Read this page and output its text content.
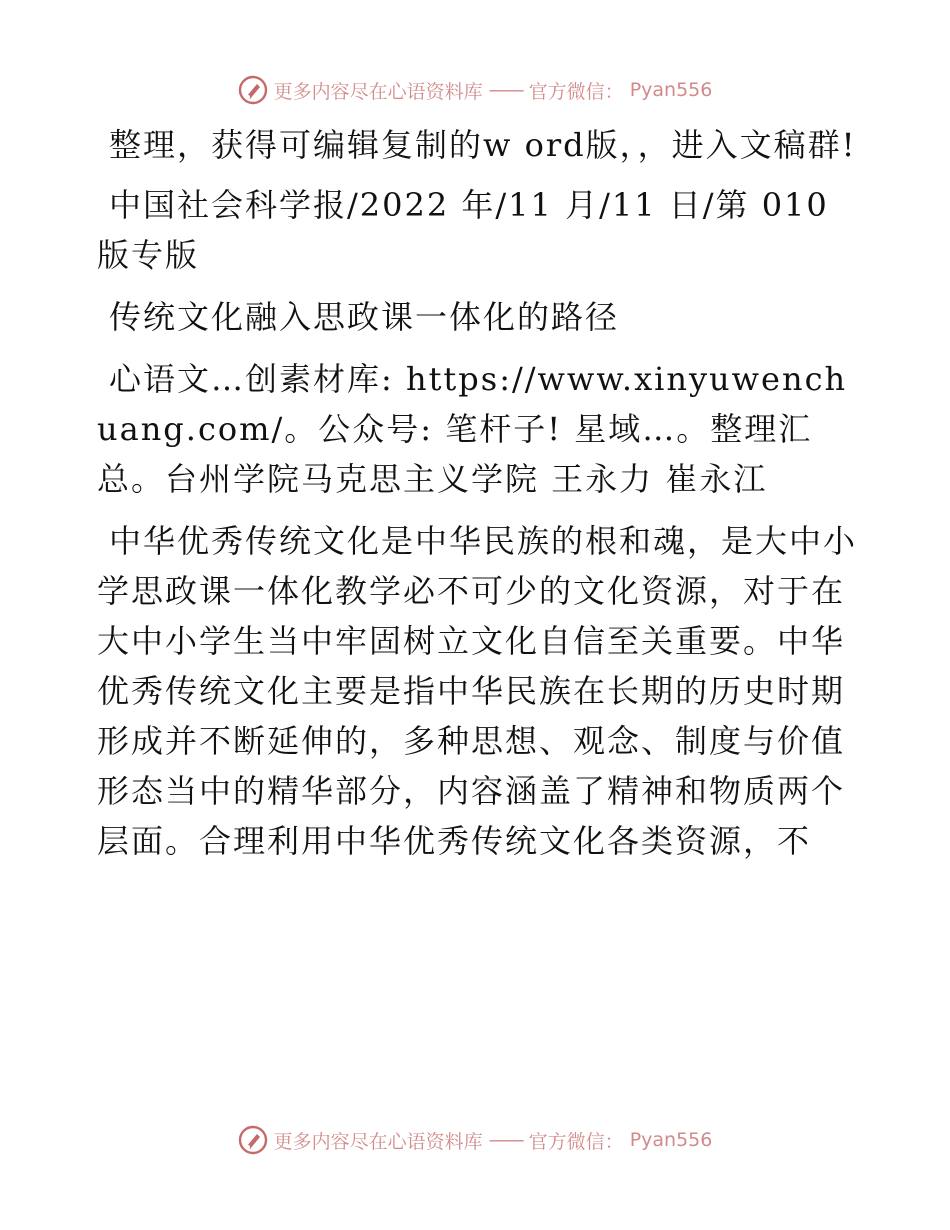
更多内容尽在心语资料库 —— 官方微信： Pyan556

整理，获得可编辑复制的w ord版，，进入文稿群!

中国社会科学报/2022 年/11 月/11 日/第 010 版专版

传统文化融入思政课一体化的路径

心语文…创素材库: https://www.xinyuwenchuang.com/。公众号: 笔杆子! 星域…。整理汇总。台州学院马克思主义学院 王永力 崔永江

中华优秀传统文化是中华民族的根和魂，是大中小学思政课一体化教学必不可少的文化资源，对于在大中小学生当中牢固树立文化自信至关重要。中华优秀传统文化主要是指中华民族在长期的历史时期形成并不断延伸的，多种思想、观念、制度与价值形态当中的精华部分，内容涵盖了精神和物质两个层面。合理利用中华优秀传统文化各类资源，不

更多内容尽在心语资料库 —— 官方微信： Pyan556
